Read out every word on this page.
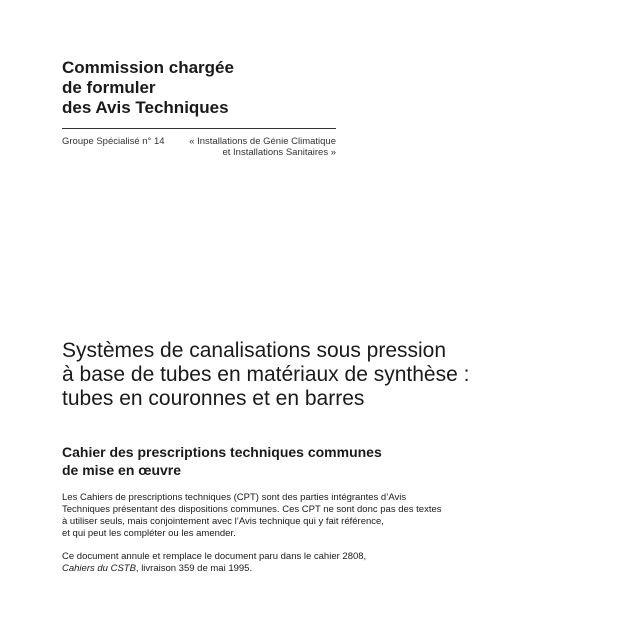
Commission chargée
de formuler
des Avis Techniques
Groupe Spécialisé n° 14	« Installations de Génie Climatique
et Installations Sanitaires »
Systèmes de canalisations sous pression
à base de tubes en matériaux de synthèse :
tubes en couronnes et en barres
Cahier des prescriptions techniques communes
de mise en œuvre
Les Cahiers de prescriptions techniques (CPT) sont des parties intégrantes d’Avis
Techniques présentant des dispositions communes. Ces CPT ne sont donc pas des textes
à utiliser seuls, mais conjointement avec l’Avis technique qui y fait référence,
et qui peut les compléter ou les amender.
Ce document annule et remplace le document paru dans le cahier 2808,
Cahiers du CSTB, livraison 359 de mai 1995.
